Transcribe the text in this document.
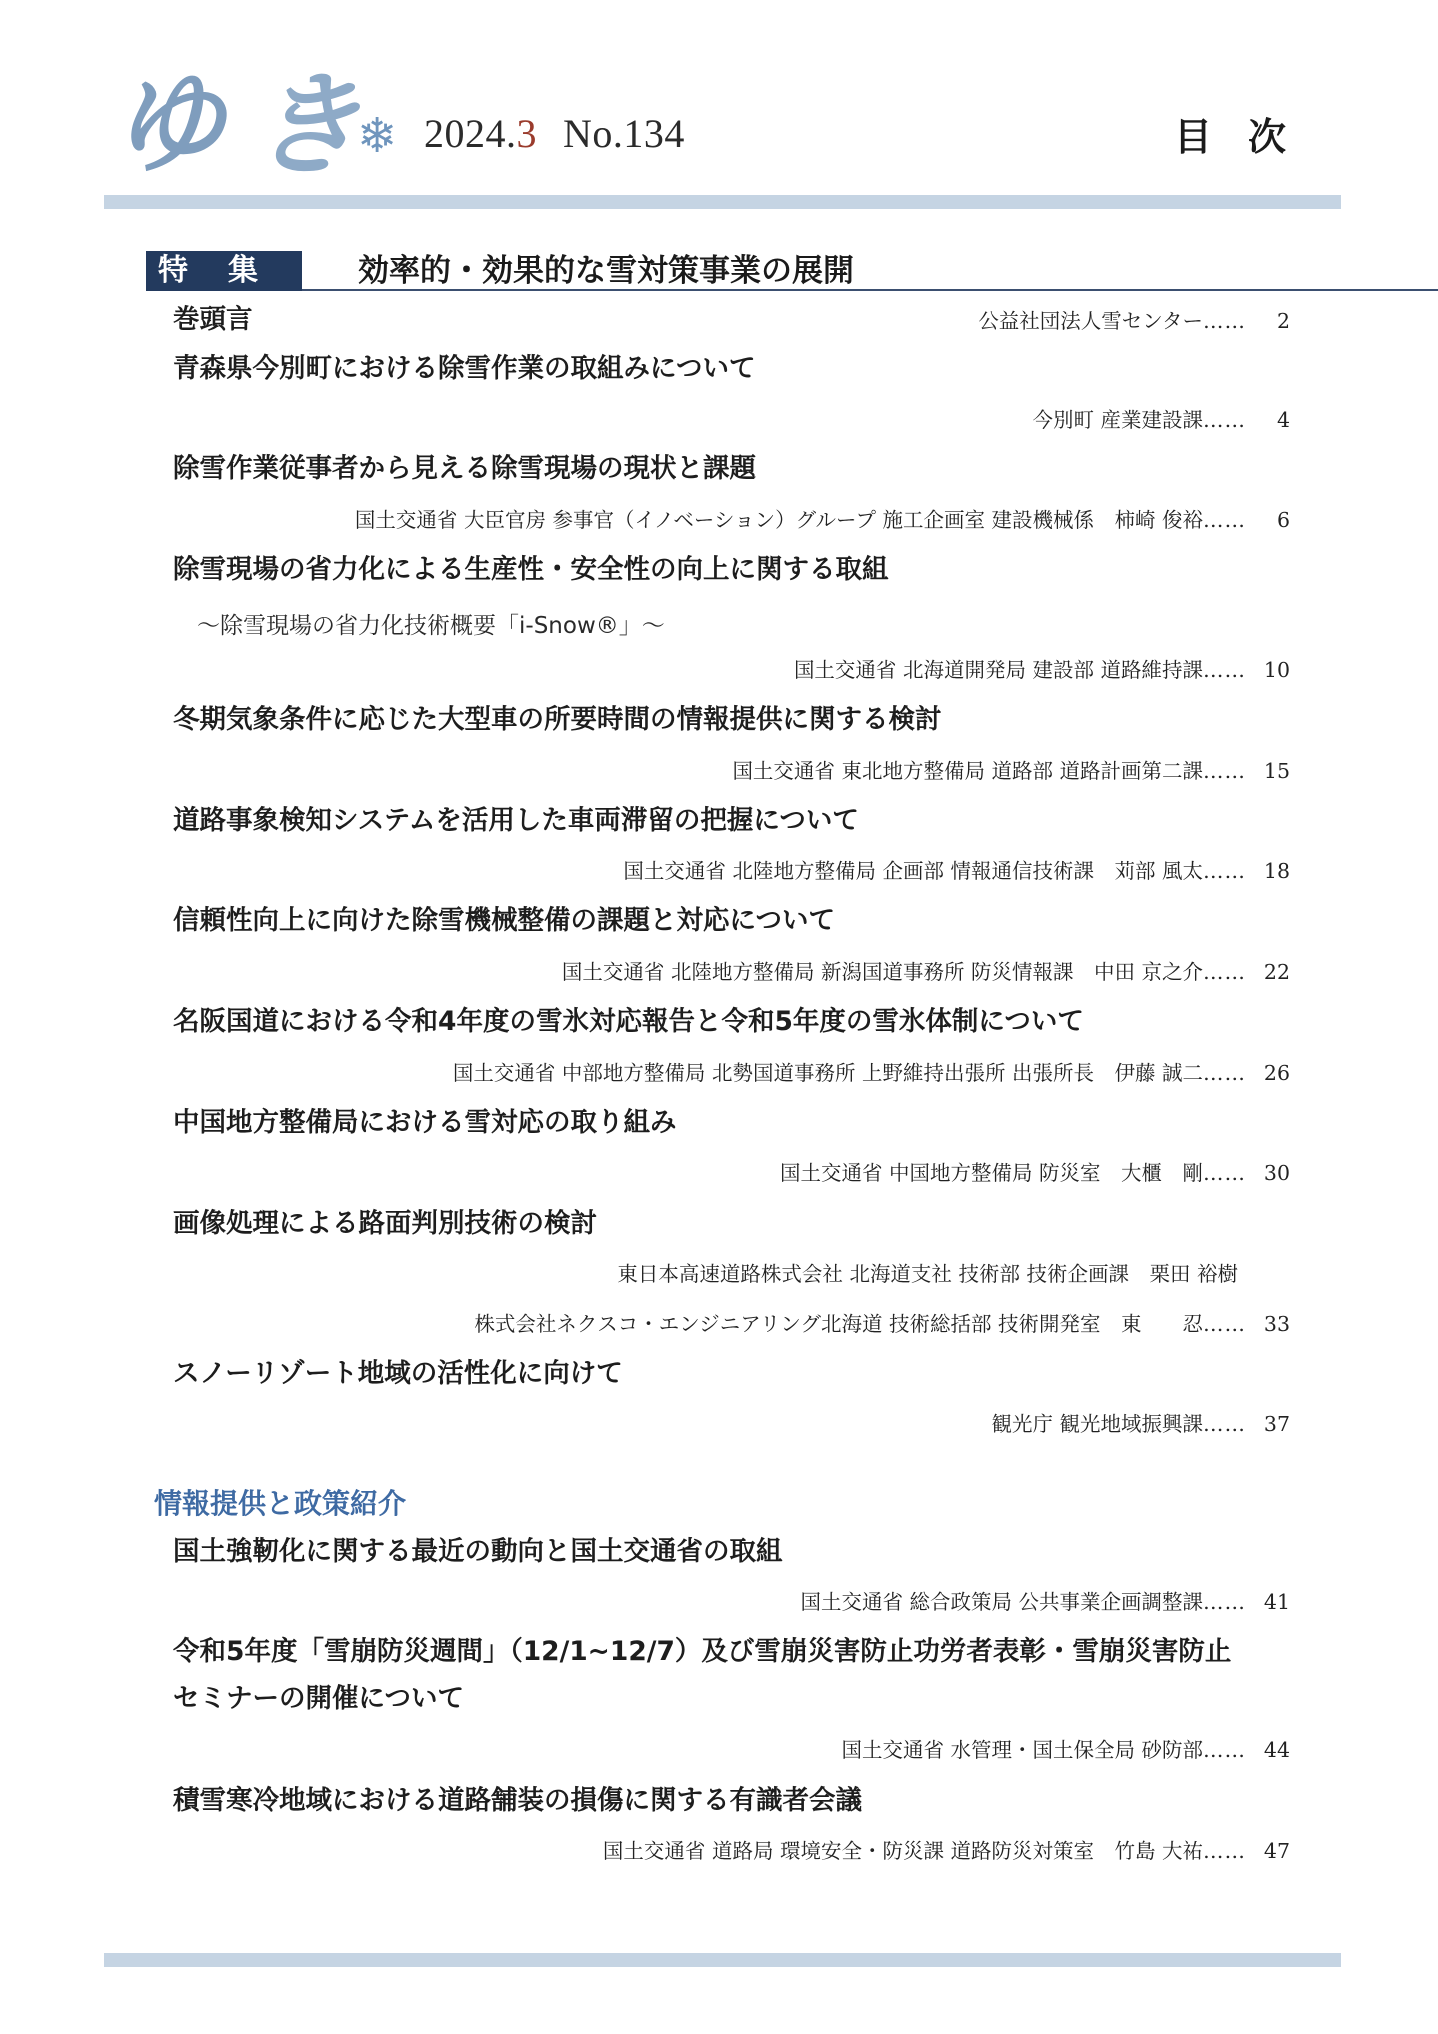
ゆ き
❄ 2024.3 No.134	目次
特集 効率的・効果的な雪対策事業の展開
巻頭言	公益社団法人雪センター…… 2
青森県今別町における除雪作業の取組みについて
今別町 産業建設課…… 4
除雪作業従事者から見える除雪現場の現状と課題
国土交通省 大臣官房 参事官（イノベーション）グループ 施工企画室 建設機械係　柿崎 俊裕…… 6
除雪現場の省力化による生産性・安全性の向上に関する取組
～除雪現場の省力化技術概要「i-Snow®」～
国土交通省 北海道開発局 建設部 道路維持課…… 10
冬期気象条件に応じた大型車の所要時間の情報提供に関する検討
国土交通省 東北地方整備局 道路部 道路計画第二課…… 15
道路事象検知システムを活用した車両滞留の把握について
国土交通省 北陸地方整備局 企画部 情報通信技術課　苅部 風太…… 18
信頼性向上に向けた除雪機械整備の課題と対応について
国土交通省 北陸地方整備局 新潟国道事務所 防災情報課　中田 京之介…… 22
名阪国道における令和4年度の雪氷対応報告と令和5年度の雪氷体制について
国土交通省 中部地方整備局 北勢国道事務所 上野維持出張所 出張所長　伊藤 誠二…… 26
中国地方整備局における雪対応の取り組み
国土交通省 中国地方整備局 防災室　大櫃　剛…… 30
画像処理による路面判別技術の検討
東日本高速道路株式会社 北海道支社 技術部 技術企画課　栗田 裕樹
株式会社ネクスコ・エンジニアリング北海道 技術総括部 技術開発室　東　　忍…… 33
スノーリゾート地域の活性化に向けて
観光庁 観光地域振興課…… 37
情報提供と政策紹介
国土強靭化に関する最近の動向と国土交通省の取組
国土交通省 総合政策局 公共事業企画調整課…… 41
令和5年度「雪崩防災週間」（12/1~12/7）及び雪崩災害防止功労者表彰・雪崩災害防止
セミナーの開催について
国土交通省 水管理・国土保全局 砂防部…… 44
積雪寒冷地域における道路舗装の損傷に関する有識者会議
国土交通省 道路局 環境安全・防災課 道路防災対策室　竹島 大祐…… 47
